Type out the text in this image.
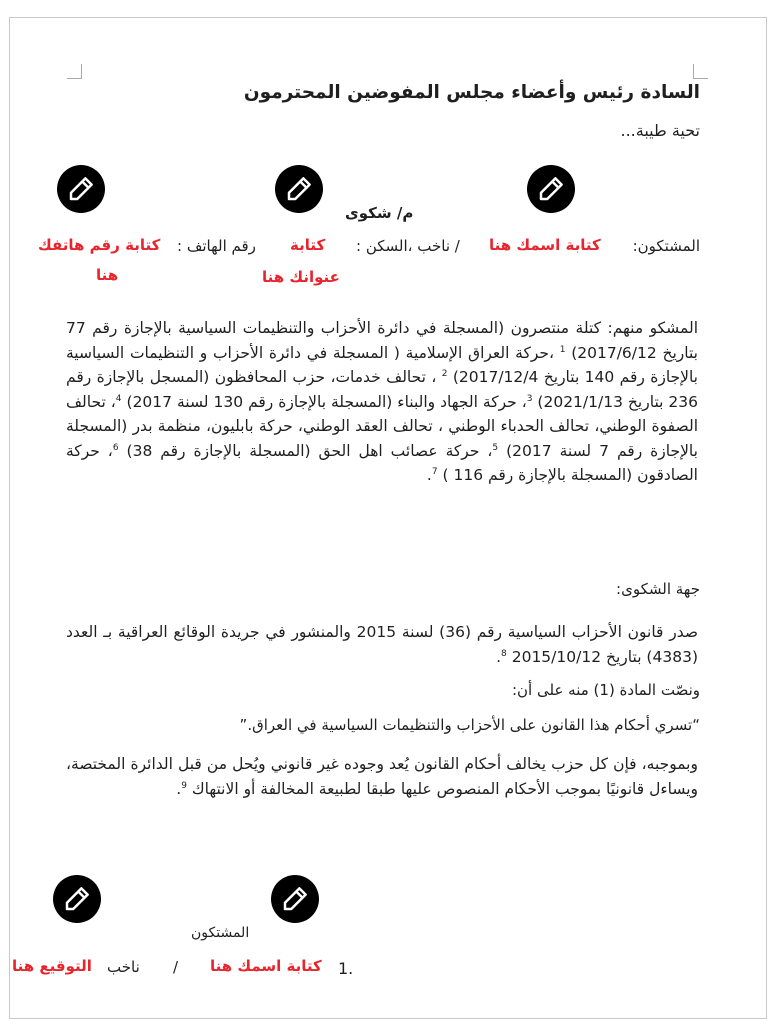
السادة رئيس وأعضاء مجلس المفوضين المحترمون
تحية طيبة...
م/ شكوى
المشتكون:
كتابة اسمك هنا
/ ناخب ،السكن :
كتابة
عنوانك هنا
رقم الهاتف :
كتابة رقم هاتفك
هنا
المشكو منهم: كتلة منتصرون (المسجلة في دائرة الأحزاب والتنظيمات السياسية بالإجازة رقم 77 بتاريخ 2017/6/12) $^1$ ،حركة العراق الإسلامية ( المسجلة في دائرة الأحزاب و التنظيمات السياسية بالإجازة رقم 140 بتاريخ 2017/12/4) $^2$ ، تحالف خدمات، حزب المحافظون (المسجل بالإجازة رقم 236 بتاريخ 2021/1/13) $^3$، حركة الجهاد والبناء (المسجلة بالإجازة رقم 130 لسنة 2017) $^4$، تحالف الصفوة الوطني، تحالف الحدباء الوطني ، تحالف العقد الوطني، حركة بابليون، منظمة بدر (المسجلة بالإجازة رقم 7 لسنة 2017) $^5$، حركة عصائب اهل الحق (المسجلة بالإجازة رقم 38) $^6$، حركة الصادقون (المسجلة بالإجازة رقم 116 ) $^7$.
جهة الشكوى:
صدر قانون الأحزاب السياسية رقم (36) لسنة 2015 والمنشور في جريدة الوقائع العراقية بـ العدد (4383) بتاريخ 2015/10/12 $^8$.
ونصّت المادة (1) منه على أن:
“تسري أحكام هذا القانون على الأحزاب والتنظيمات السياسية في العراق.”
وبموجبه، فإن كل حزب يخالف أحكام القانون يُعد وجوده غير قانوني ويُحل من قبل الدائرة المختصة، ويساءل قانونيًا بموجب الأحكام المنصوص عليها طبقا لطبيعة المخالفة أو الانتهاك $^9$.
المشتكون
1.
كتابة اسمك هنا
/
ناخب
التوقيع هنا
